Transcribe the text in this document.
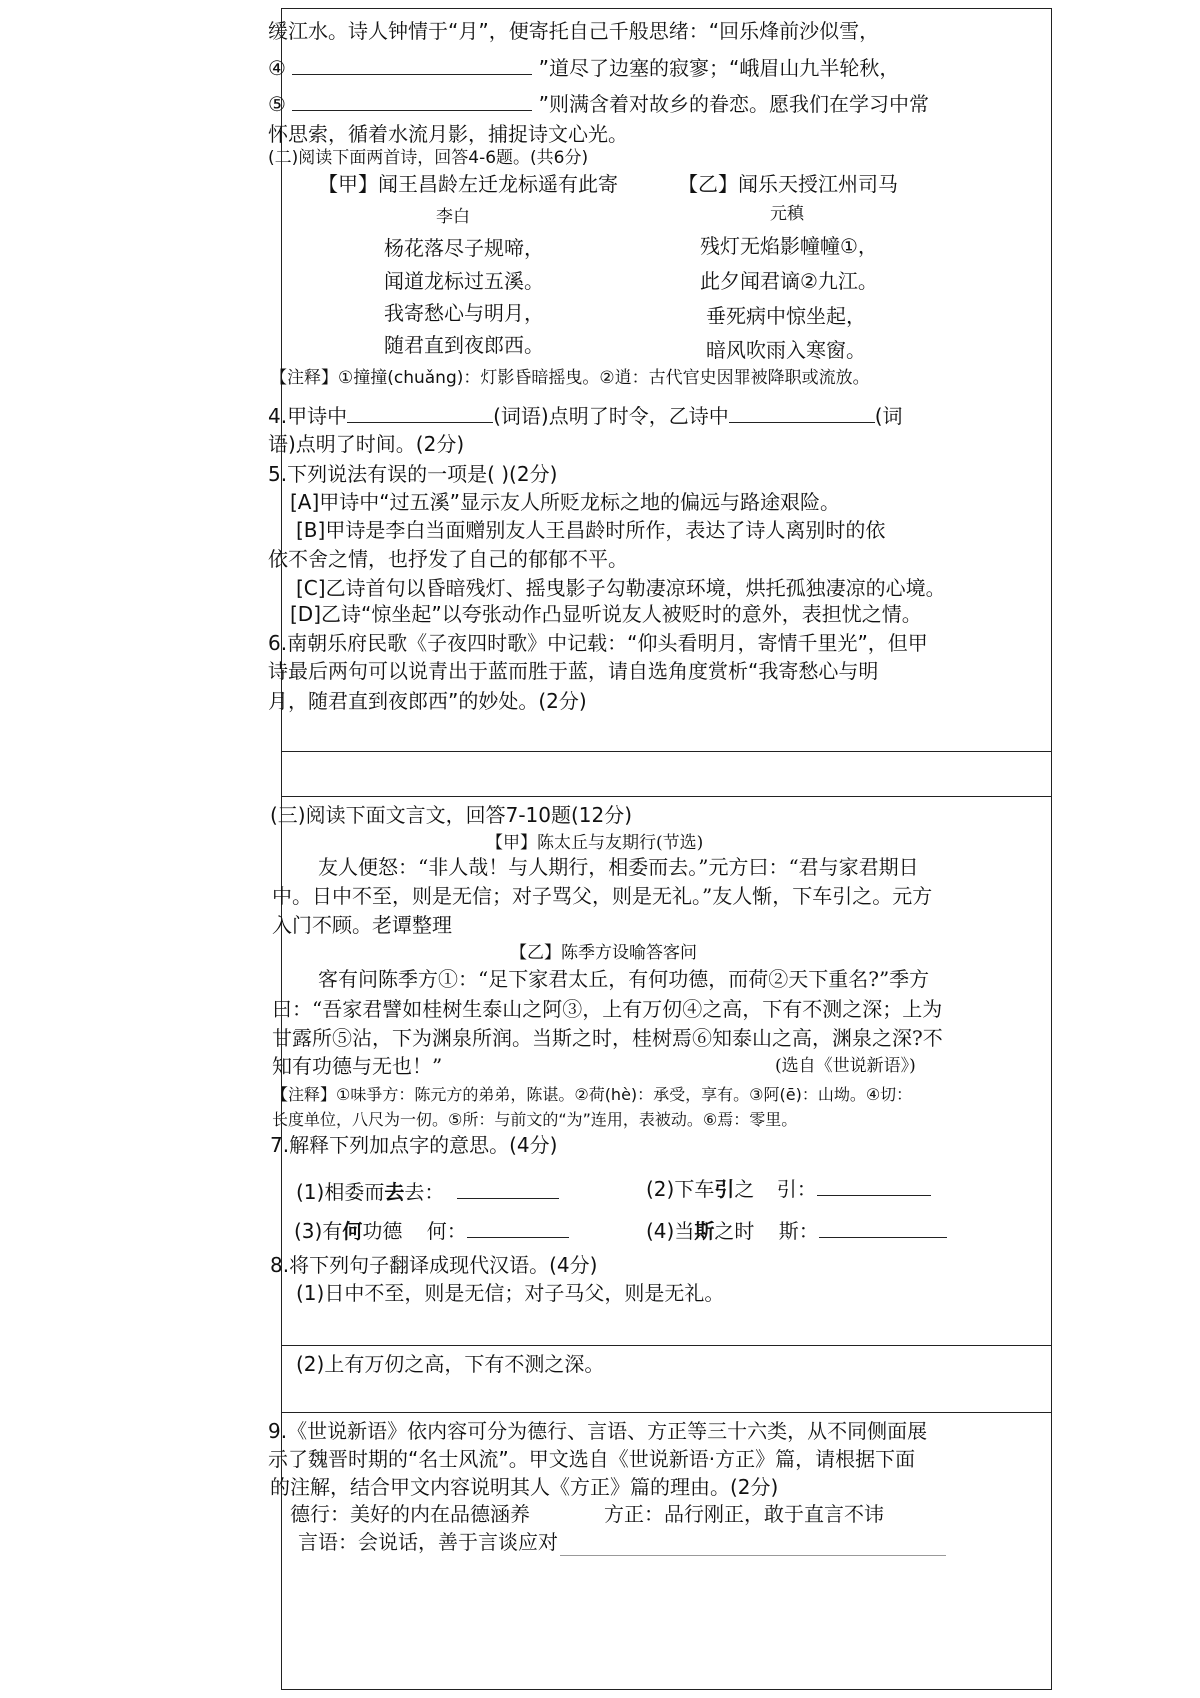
缓江水。诗人钟情于“月”，便寄托自己千般思绪：“回乐烽前沙似雪，
④	”道尽了边塞的寂寥；“峨眉山九半轮秋，
⑤	”则满含着对故乡的眷恋。愿我们在学习中常
怀思索，循着水流月影，捕捉诗文心光。
(二)阅读下面两首诗，回答4-6题。(共6分)
【甲】闻王昌龄左迁龙标遥有此寄
李白
杨花落尽子规啼，
闻道龙标过五溪。
我寄愁心与明月，
随君直到夜郎西。
【乙】闻乐天授江州司马
元稹
残灯无焰影幢幢①，
此夕闻君谪②九江。
垂死病中惊坐起，
暗风吹雨入寒窗。
【注释】①撞撞(chuǎng)：灯影昏暗摇曳。②逍：古代官史因罪被降职或流放。
4.甲诗中	(词语)点明了时令，乙诗中	(词
语)点明了时间。(2分)
5.下列说法有误的一项是( )(2分)
[A]甲诗中“过五溪”显示友人所贬龙标之地的偏远与路途艰险。
[B]甲诗是李白当面赠别友人王昌龄时所作，表达了诗人离别时的依
依不舍之情，也抒发了自己的郁郁不平。
[C]乙诗首句以昏暗残灯、摇曳影子勾勒凄凉环境，烘托孤独凄凉的心境。
[D]乙诗“惊坐起”以夸张动作凸显听说友人被贬时的意外，表担忧之情。
6.南朝乐府民歌《子夜四时歌》中记载：“仰头看明月，寄情千里光”，但甲
诗最后两句可以说青出于蓝而胜于蓝，请自选角度赏析“我寄愁心与明
月，随君直到夜郎西”的妙处。(2分)
(三)阅读下面文言文，回答7-10题(12分)
【甲】陈太丘与友期行(节选)
友人便怒：“非人哉！与人期行，相委而去。”元方曰：“君与家君期日
中。日中不至，则是无信；对子骂父，则是无礼。”友人惭，下车引之。元方
入门不顾。老谭整理
【乙】陈季方设喻答客问
客有问陈季方①：“足下家君太丘，有何功德，而荷②天下重名?”季方
曰：“吾家君譬如桂树生泰山之阿③，上有万仞④之高，下有不测之深；上为
甘露所⑤沾，下为渊泉所润。当斯之时，桂树焉⑥知泰山之高，渊泉之深?不
知有功德与无也！”	(选自《世说新语》)
【注释】①味爭方：陈元方的弟弟，陈谌。②荷(hè)：承受，享有。③阿(ē)：山坳。④切：
长度单位，八尺为一仞。⑤所：与前文的“为”连用，表被动。⑥焉：零里。
7.解释下列加点字的意思。(4分)
(1)相委而去去：	(2)下车引之 引：
(3)有何功德 何：	(4)当斯之时 斯：
8.将下列句子翻译成现代汉语。(4分)
(1)日中不至，则是无信；对子马父，则是无礼。
(2)上有万仞之高，下有不测之深。
9.《世说新语》依内容可分为德行、言语、方正等三十六类，从不同侧面展
示了魏晋时期的“名士风流”。甲文选自《世说新语·方正》篇，请根据下面
的注解，结合甲文内容说明其人《方正》篇的理由。(2分)
德行：美好的内在品德涵养	方正：品行刚正，敢于直言不讳
言语：会说话，善于言谈应对
